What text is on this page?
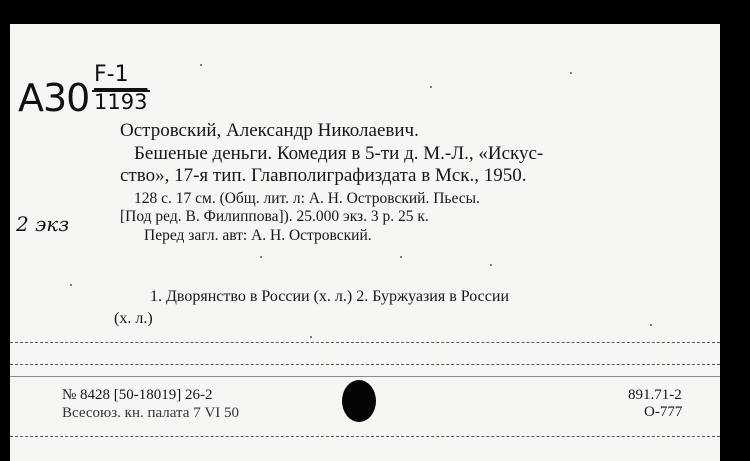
А30
F-1
1193
2 экз
Островский, Александр Николаевич.
Бешеные деньги. Комедия в 5-ти д. М.-Л., «Искус-
ство», 17-я тип. Главполиграфиздата в Мск., 1950.
128 с. 17 см. (Общ. лит. л: А. Н. Островский. Пьесы.
[Под ред. В. Филиппова]). 25.000 экз. 3 р. 25 к.
Перед загл. авт: А. Н. Островский.
1. Дворянство в России (х. л.) 2. Буржуазия в России
(х. л.)
№ 8428 [50-18019] 26-2
Всесоюз. кн. палата 7 VI 50
891.71-2
О-777
